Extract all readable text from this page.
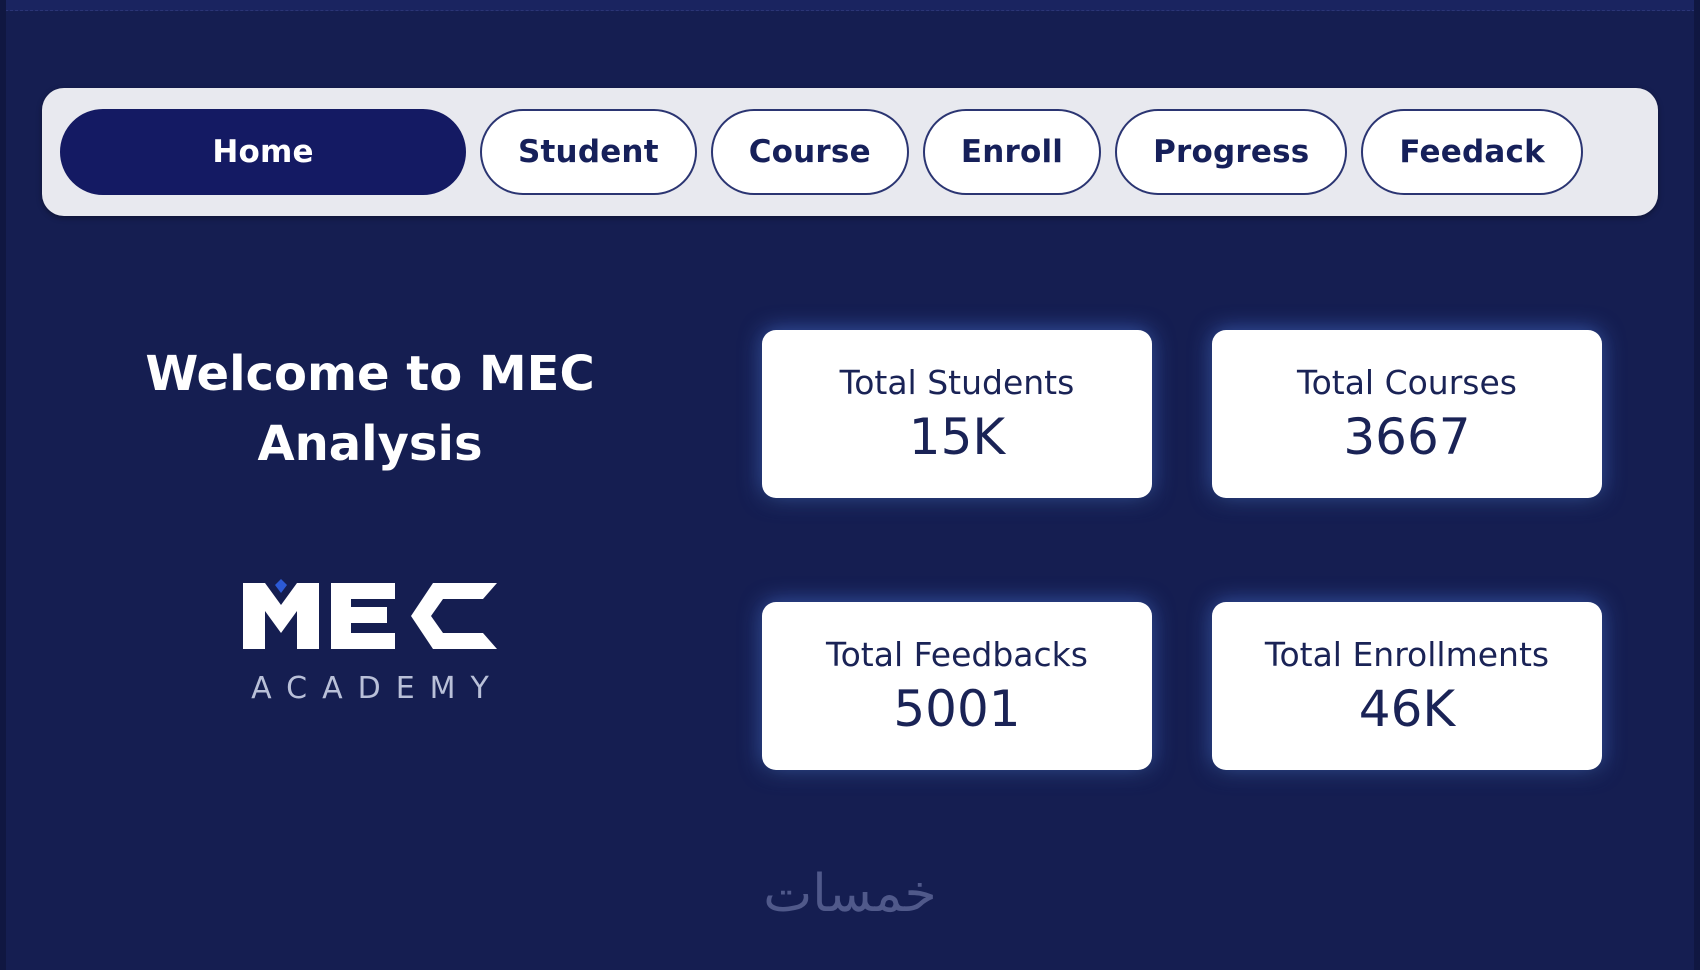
Home	Student	Course	Enroll	Progress	Feedack
Welcome to MEC Analysis
ACADEMY
Total Students
15K
Total Courses
3667
Total Feedbacks
5001
Total Enrollments
46K
خمسات
